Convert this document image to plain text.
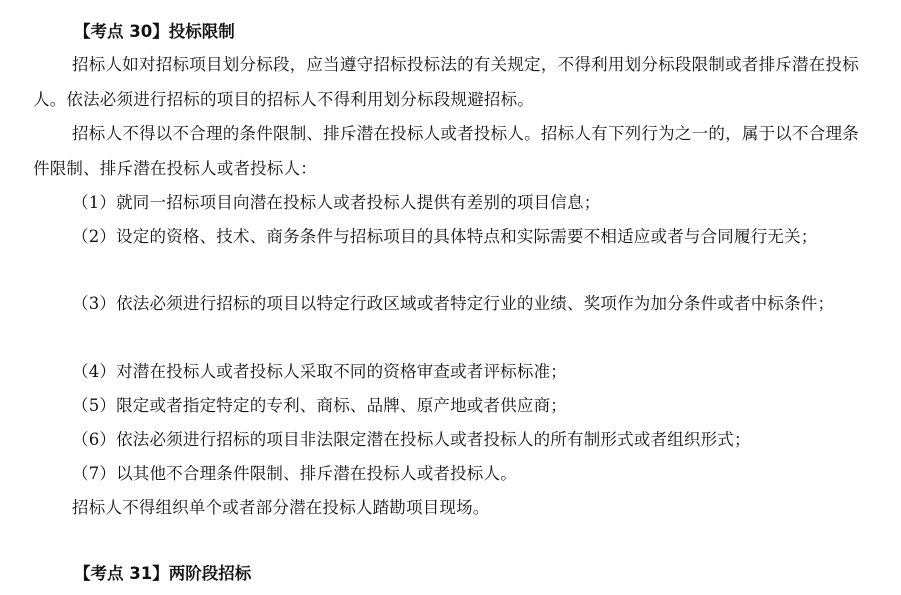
【考点 30】投标限制

招标人如对招标项目划分标段，应当遵守招标投标法的有关规定，不得利用划分标段限制或者排斥潜在投标人。依法必须进行招标的项目的招标人不得利用划分标段规避招标。

招标人不得以不合理的条件限制、排斥潜在投标人或者投标人。招标人有下列行为之一的，属于以不合理条件限制、排斥潜在投标人或者投标人：

（1）就同一招标项目向潜在投标人或者投标人提供有差别的项目信息；

（2）设定的资格、技术、商务条件与招标项目的具体特点和实际需要不相适应或者与合同履行无关；

（3）依法必须进行招标的项目以特定行政区域或者特定行业的业绩、奖项作为加分条件或者中标条件；

（4）对潜在投标人或者投标人采取不同的资格审查或者评标标准；

（5）限定或者指定特定的专利、商标、品牌、原产地或者供应商；

（6）依法必须进行招标的项目非法限定潜在投标人或者投标人的所有制形式或者组织形式；

（7）以其他不合理条件限制、排斥潜在投标人或者投标人。

招标人不得组织单个或者部分潜在投标人踏勘项目现场。

【考点 31】两阶段招标
